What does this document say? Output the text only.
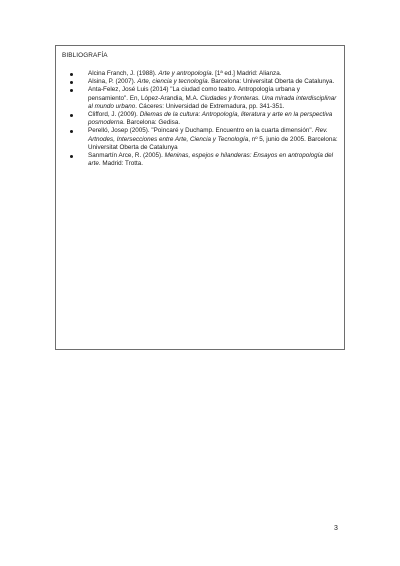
BIBLIOGRAFÍA
Alcina Franch, J. (1988). Arte y antropología. [1ª ed.] Madrid: Alianza.
Alsina, P. (2007). Arte, ciencia y tecnología. Barcelona: Universitat Oberta de Catalunya.
Anta-Felez, José Luis (2014) "La ciudad como teatro. Antropología urbana y pensamiento". En, López-Arandia, M.A. Ciudades y fronteras. Una mirada interdisciplinar al mundo urbano. Cáceres: Universidad de Extremadura, pp. 341-351.
Clifford, J. (2009). Dilemas de la cultura: Antropología, literatura y arte en la perspectiva posmoderna. Barcelona: Gedisa.
Perelló, Josep (2005). "Poincaré y Duchamp. Encuentro en la cuarta dimensión". Rev. Artnodes, Intersecciones entre Arte, Ciencia y Tecnología, nº 5, junio de 2005. Barcelona: Universitat Oberta de Catalunya
Sanmartín Arce, R. (2005). Meninas, espejos e hilanderas: Ensayos en antropología del arte. Madrid: Trotta.
3
